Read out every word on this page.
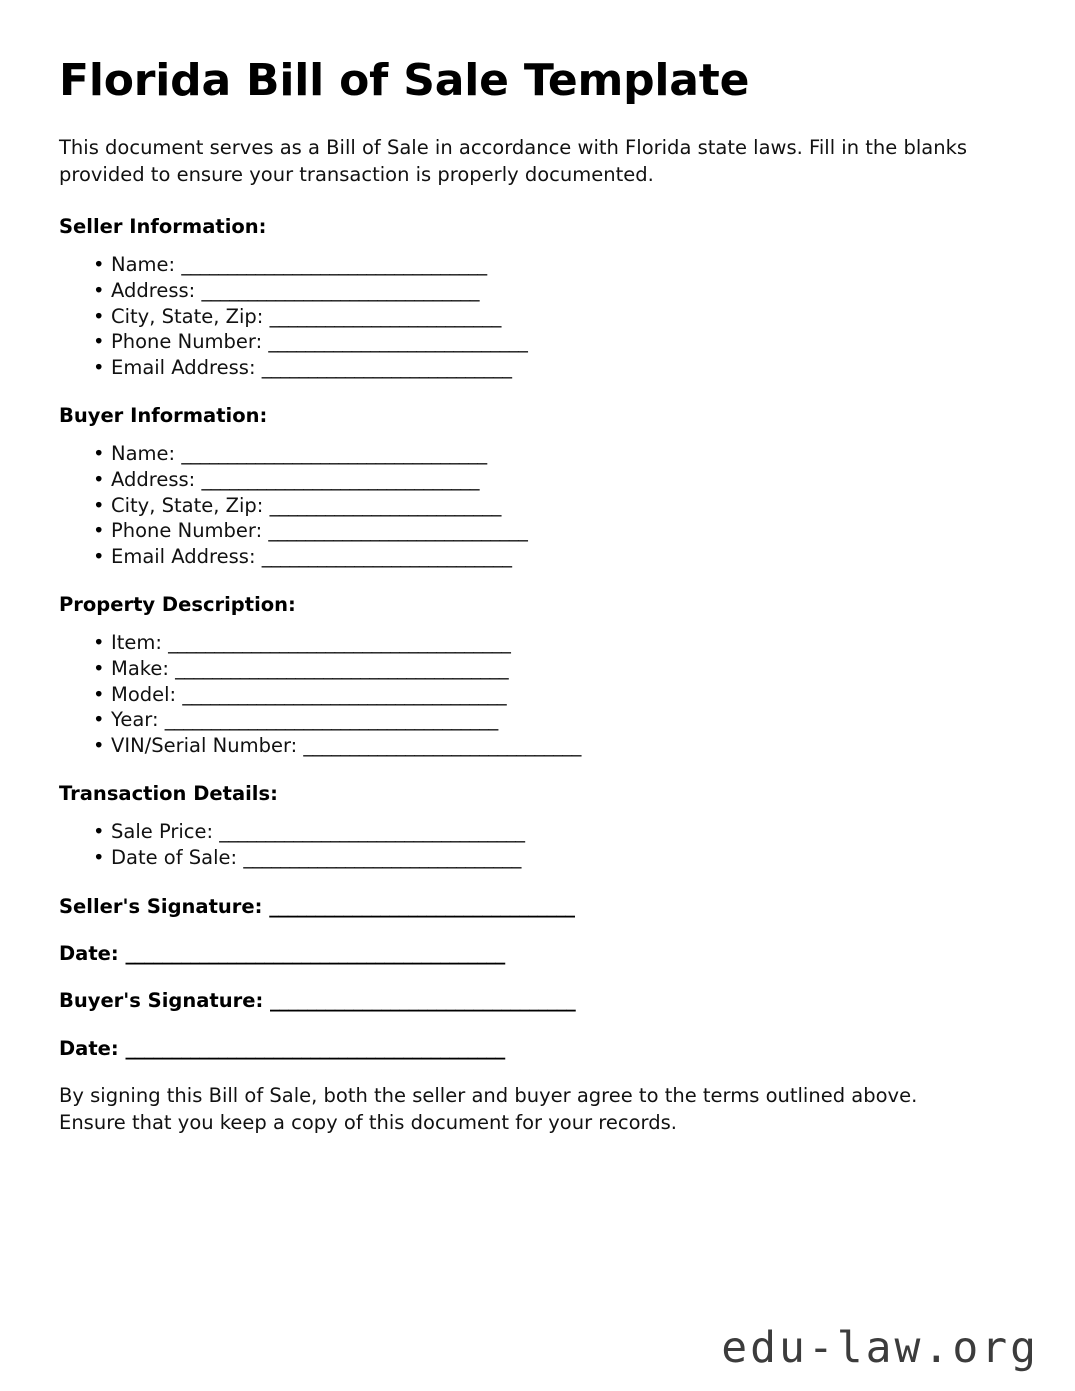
Florida Bill of Sale Template

This document serves as a Bill of Sale in accordance with Florida state laws. Fill in the blanks provided to ensure your transaction is properly documented.

Seller Information:
• Name: _________________________________
• Address: ______________________________
• City, State, Zip: _________________________
• Phone Number: ____________________________
• Email Address: ___________________________
Buyer Information:
• Name: _________________________________
• Address: ______________________________
• City, State, Zip: _________________________
• Phone Number: ____________________________
• Email Address: ___________________________
Property Description:
• Item: _____________________________________
• Make: ____________________________________
• Model: ___________________________________
• Year: ____________________________________
• VIN/Serial Number: ______________________________
Transaction Details:
• Sale Price: _________________________________
• Date of Sale: ______________________________
Seller's Signature: _________________________________
Date: _________________________________________
Buyer's Signature: _________________________________
Date: _________________________________________

By signing this Bill of Sale, both the seller and buyer agree to the terms outlined above. Ensure that you keep a copy of this document for your records.

edu-law.org
